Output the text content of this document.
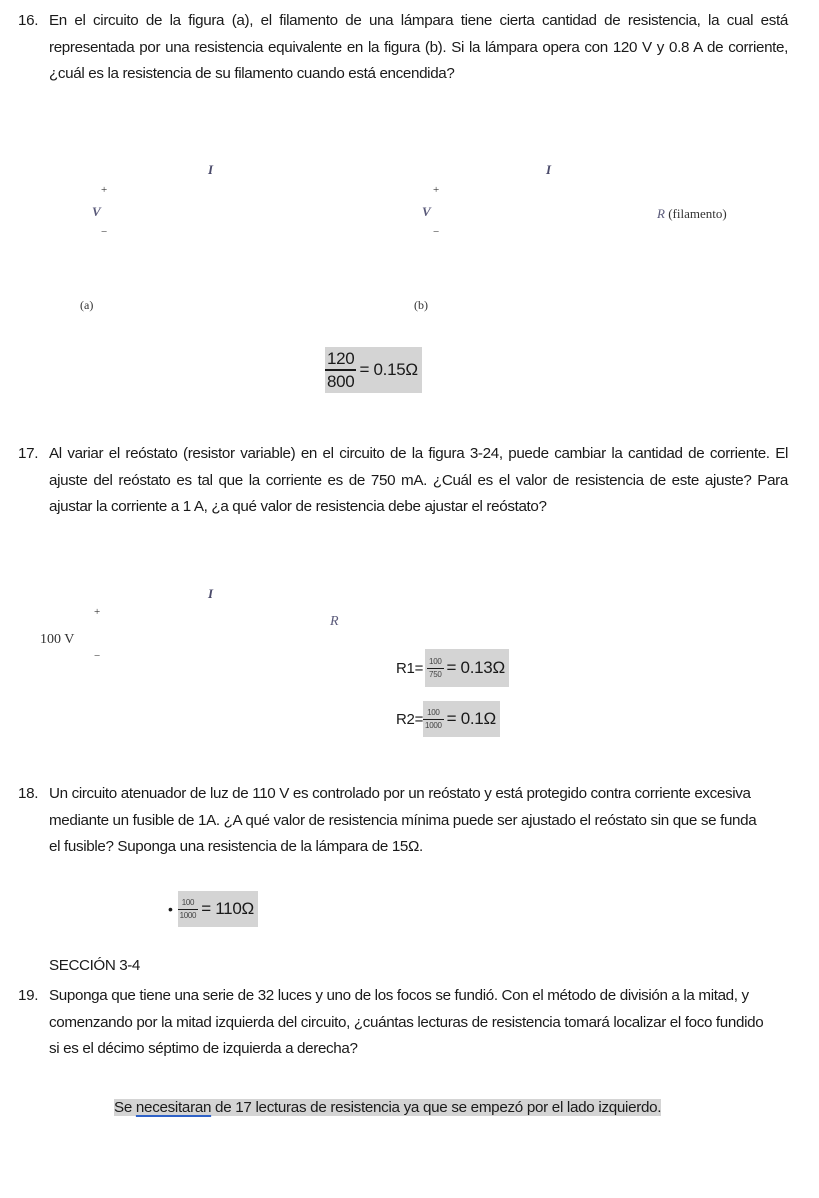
16. En el circuito de la figura (a), el filamento de una lámpara tiene cierta cantidad de resistencia, la cual está representada por una resistencia equivalente en la figura (b). Si la lámpara opera con 120 V y 0.8 A de corriente, ¿cuál es la resistencia de su filamento cuando está encendida?
V
+
−
I
(a)
V
+
−
I
R (filamento)
(b)
$\frac{120}{800} = 0.15\Omega$
17. Al variar el reóstato (resistor variable) en el circuito de la figura 3-24, puede cambiar la cantidad de corriente. El ajuste del reóstato es tal que la corriente es de 750 mA. ¿Cuál es el valor de resistencia de este ajuste? Para ajustar la corriente a 1 A, ¿a qué valor de resistencia debe ajustar el reóstato?
100 V
+
−
I
R
$R1= \frac{100}{750} = 0.13\Omega$
$R2= \frac{100}{1000} = 0.1\Omega$
18. Un circuito atenuador de luz de 110 V es controlado por un reóstato y está protegido contra corriente excesiva mediante un fusible de 1A. ¿A qué valor de resistencia mínima puede ser ajustado el reóstato sin que se funda el fusible? Suponga una resistencia de la lámpara de 15Ω.
• $\frac{100}{1000} = 110\Omega$
SECCIÓN 3-4
19. Suponga que tiene una serie de 32 luces y uno de los focos se fundió. Con el método de división a la mitad, y comenzando por la mitad izquierda del circuito, ¿cuántas lecturas de resistencia tomará localizar el foco fundido si es el décimo séptimo de izquierda a derecha?
Se necesitaran de 17 lecturas de resistencia ya que se empezó por el lado izquierdo.
